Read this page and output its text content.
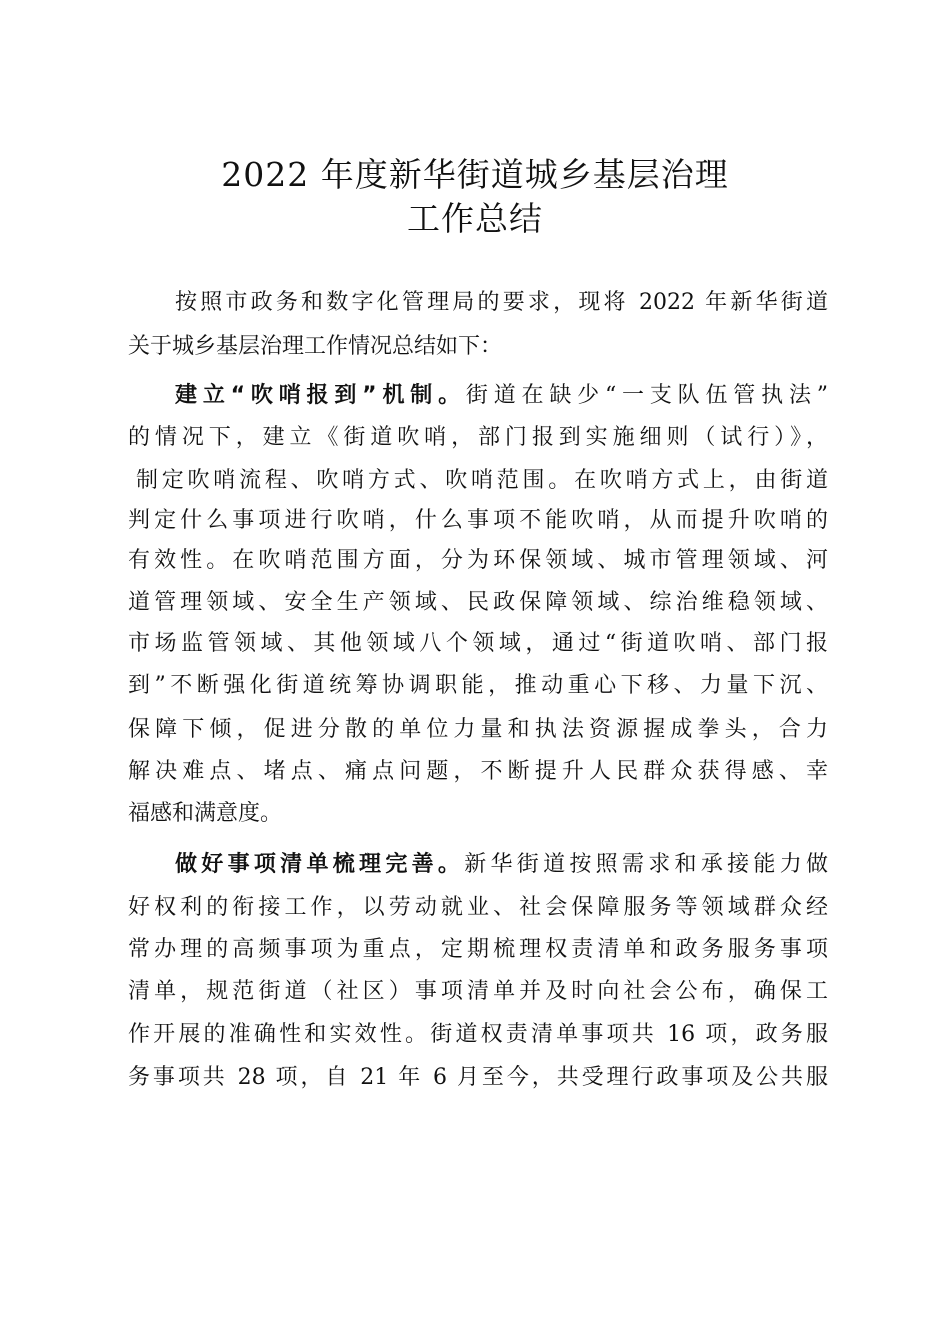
2022 年度新华街道城乡基层治理
工作总结
按照市政务和数字化管理局的要求，现将 2022 年新华街道
关于城乡基层治理工作情况总结如下：
建立“吹哨报到”机制。街道在缺少“一支队伍管执法”
的情况下，建立《街道吹哨，部门报到实施细则（试行）》，
制定吹哨流程、吹哨方式、吹哨范围。在吹哨方式上，由街道
判定什么事项进行吹哨，什么事项不能吹哨，从而提升吹哨的
有效性。在吹哨范围方面，分为环保领域、城市管理领域、河
道管理领域、安全生产领域、民政保障领域、综治维稳领域、
市场监管领域、其他领域八个领域，通过“街道吹哨、部门报
到”不断强化街道统筹协调职能，推动重心下移、力量下沉、
保障下倾，促进分散的单位力量和执法资源握成拳头，合力
解决难点、堵点、痛点问题，不断提升人民群众获得感、幸
福感和满意度。
做好事项清单梳理完善。新华街道按照需求和承接能力做
好权利的衔接工作，以劳动就业、社会保障服务等领域群众经
常办理的高频事项为重点，定期梳理权责清单和政务服务事项
清单，规范街道（社区）事项清单并及时向社会公布，确保工
作开展的准确性和实效性。街道权责清单事项共 16 项，政务服
务事项共 28 项，自 21 年 6 月至今，共受理行政事项及公共服
